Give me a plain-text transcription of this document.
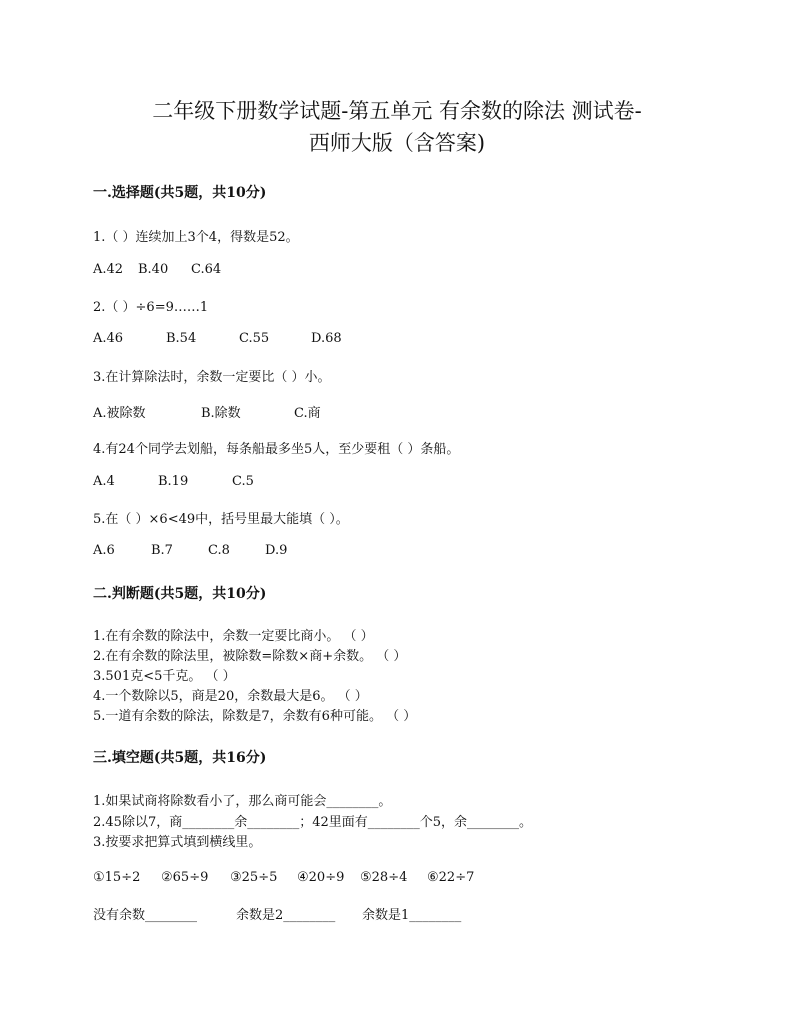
二年级下册数学试题-第五单元 有余数的除法 测试卷-
西师大版（含答案)
一.选择题(共5题，共10分)
1.（ ）连续加上3个4，得数是52。
A.42	B.40	C.64
2.（ ）÷6=9……1
A.46	B.54	C.55	D.68
3.在计算除法时，余数一定要比（ ）小。
A.被除数	B.除数	C.商
4.有24个同学去划船，每条船最多坐5人，至少要租（ ）条船。
A.4	B.19	C.5
5.在（ ）×6<49中，括号里最大能填（ ）。
A.6	B.7	C.8	D.9
二.判断题(共5题，共10分)
1.在有余数的除法中，余数一定要比商小。 （ ）
2.在有余数的除法里，被除数=除数×商+余数。 （ ）
3.501克<5千克。 （ ）
4.一个数除以5，商是20，余数最大是6。 （ ）
5.一道有余数的除法，除数是7，余数有6种可能。 （ ）
三.填空题(共5题，共16分)
1.如果试商将除数看小了，那么商可能会________。
2.45除以7，商________余________；42里面有________个5，余________。
3.按要求把算式填到横线里。
①15÷2	②65÷9	③25÷5	④20÷9	⑤28÷4	⑥22÷7
没有余数________	余数是2________	余数是1________
